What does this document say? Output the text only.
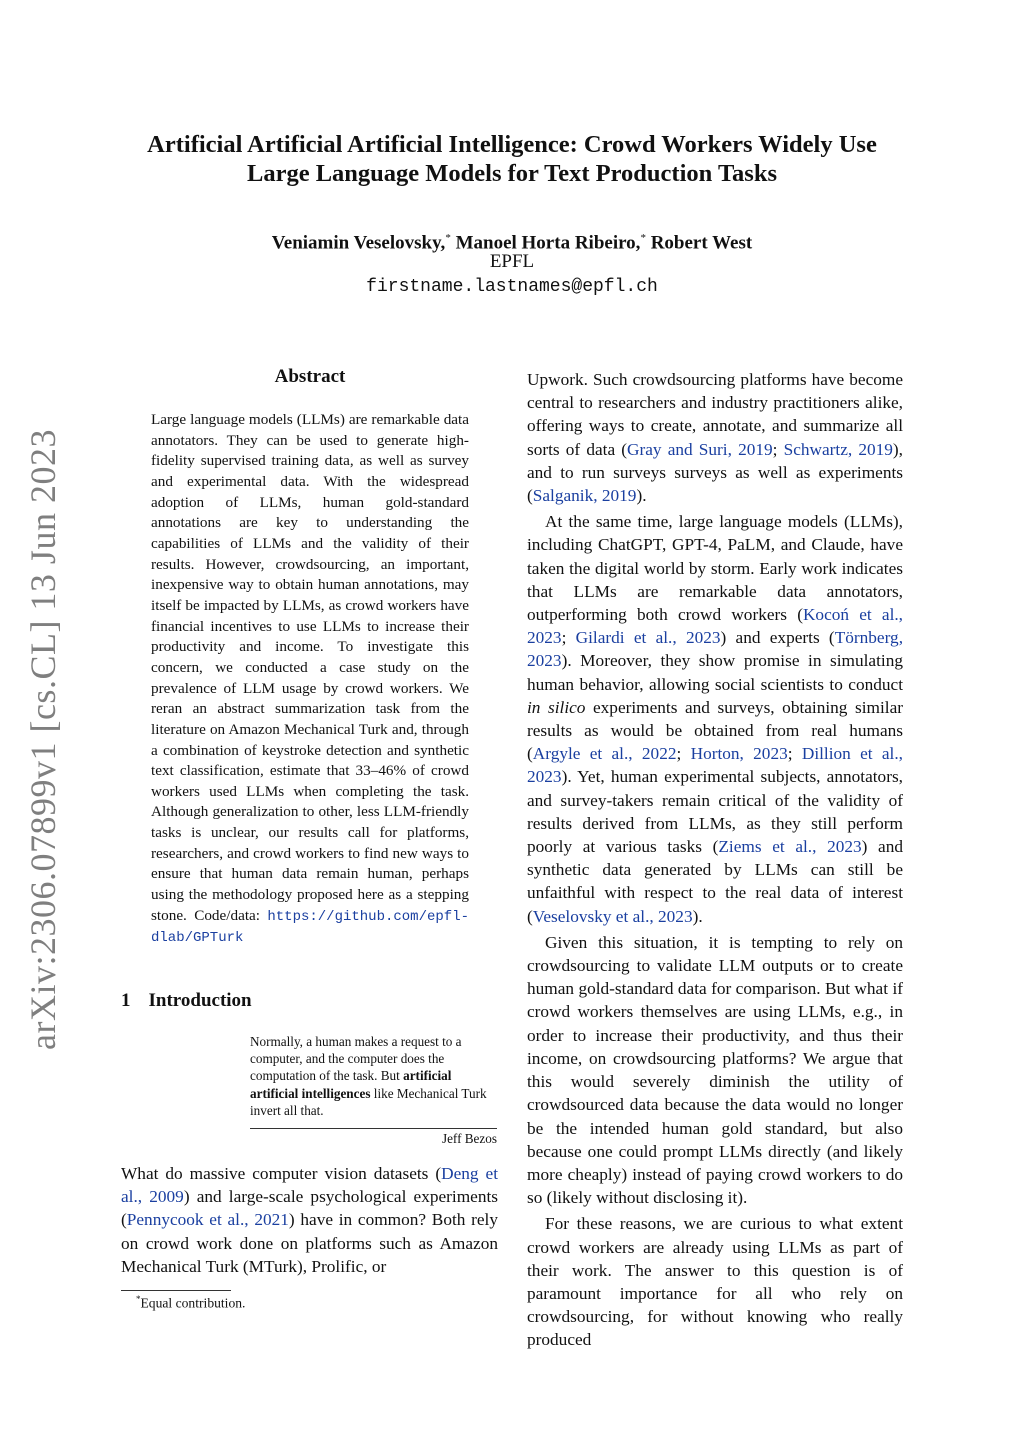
arXiv:2306.07899v1 [cs.CL] 13 Jun 2023
Artificial Artificial Artificial Intelligence: Crowd Workers Widely Use
Large Language Models for Text Production Tasks
Veniamin Veselovsky,* Manoel Horta Ribeiro,* Robert West
EPFL
firstname.lastnames@epfl.ch
Abstract
Large language models (LLMs) are remarkable data annotators. They can be used to generate high-fidelity supervised training data, as well as survey and experimental data. With the widespread adoption of LLMs, human gold-standard annotations are key to understanding the capabilities of LLMs and the validity of their results. However, crowdsourcing, an important, inexpensive way to obtain human annotations, may itself be impacted by LLMs, as crowd workers have financial incentives to use LLMs to increase their productivity and income. To investigate this concern, we conducted a case study on the prevalence of LLM usage by crowd workers. We reran an abstract summarization task from the literature on Amazon Mechanical Turk and, through a combination of keystroke detection and synthetic text classification, estimate that 33–46% of crowd workers used LLMs when completing the task. Although generalization to other, less LLM-friendly tasks is unclear, our results call for platforms, researchers, and crowd workers to find new ways to ensure that human data remain human, perhaps using the methodology proposed here as a stepping stone. Code/data: https://github.com/epfl-dlab/GPTurk
1 Introduction
Normally, a human makes a request to a computer, and the computer does the computation of the task. But artificial artificial intelligences like Mechanical Turk invert all that.
Jeff Bezos
What do massive computer vision datasets (Deng et al., 2009) and large-scale psychological experiments (Pennycook et al., 2021) have in common? Both rely on crowd work done on platforms such as Amazon Mechanical Turk (MTurk), Prolific, or
*Equal contribution.

Upwork. Such crowdsourcing platforms have become central to researchers and industry practitioners alike, offering ways to create, annotate, and summarize all sorts of data (Gray and Suri, 2019; Schwartz, 2019), and to run surveys surveys as well as experiments (Salganik, 2019).

At the same time, large language models (LLMs), including ChatGPT, GPT-4, PaLM, and Claude, have taken the digital world by storm. Early work indicates that LLMs are remarkable data annotators, outperforming both crowd workers (Kocoń et al., 2023; Gilardi et al., 2023) and experts (Törnberg, 2023). Moreover, they show promise in simulating human behavior, allowing social scientists to conduct in silico experiments and surveys, obtaining similar results as would be obtained from real humans (Argyle et al., 2022; Horton, 2023; Dillion et al., 2023). Yet, human experimental subjects, annotators, and survey-takers remain critical of the validity of results derived from LLMs, as they still perform poorly at various tasks (Ziems et al., 2023) and synthetic data generated by LLMs can still be unfaithful with respect to the real data of interest (Veselovsky et al., 2023).

Given this situation, it is tempting to rely on crowdsourcing to validate LLM outputs or to create human gold-standard data for comparison. But what if crowd workers themselves are using LLMs, e.g., in order to increase their productivity, and thus their income, on crowdsourcing platforms? We argue that this would severely diminish the utility of crowdsourced data because the data would no longer be the intended human gold standard, but also because one could prompt LLMs directly (and likely more cheaply) instead of paying crowd workers to do so (likely without disclosing it).

For these reasons, we are curious to what extent crowd workers are already using LLMs as part of their work. The answer to this question is of paramount importance for all who rely on crowdsourcing, for without knowing who really produced
